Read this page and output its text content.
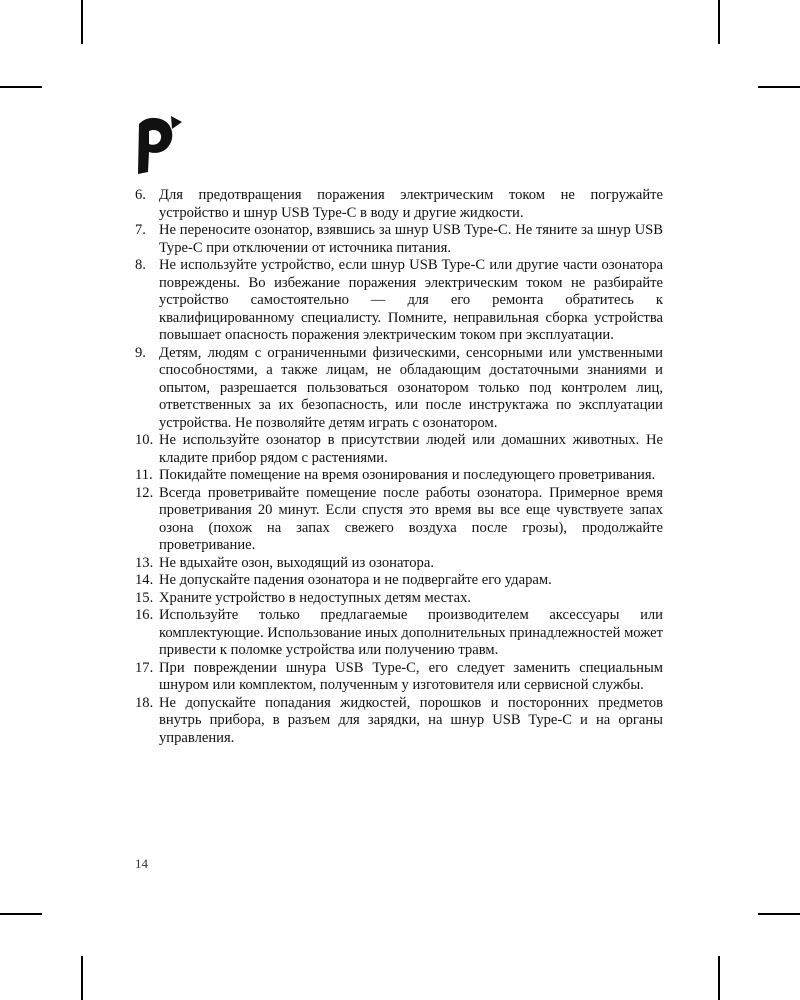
6. Для предотвращения поражения электрическим током не погружайте устройство и шнур USB Type-C в воду и другие жидкости.
7. Не переносите озонатор, взявшись за шнур USB Type-C. Не тяните за шнур USB Type-C при отключении от источника питания.
8. Не используйте устройство, если шнур USB Type-C или другие части озонатора повреждены. Во избежание поражения электрическим током не разбирайте устройство самостоятельно — для его ремонта обратитесь к квалифицированному специалисту. Помните, неправильная сборка устройства повышает опасность поражения электрическим током при эксплуатации.
9. Детям, людям с ограниченными физическими, сенсорными или умственными способностями, а также лицам, не обладающим достаточными знаниями и опытом, разрешается пользоваться озонатором только под контролем лиц, ответственных за их безопасность, или после инструктажа по эксплуатации устройства. Не позволяйте детям играть с озонатором.
10. Не используйте озонатор в присутствии людей или домашних животных. Не кладите прибор рядом с растениями.
11. Покидайте помещение на время озонирования и последующего проветривания.
12. Всегда проветривайте помещение после работы озонатора. Примерное время проветривания 20 минут. Если спустя это время вы все еще чувствуете запах озона (похож на запах свежего воздуха после грозы), продолжайте проветривание.
13. Не вдыхайте озон, выходящий из озонатора.
14. Не допускайте падения озонатора и не подвергайте его ударам.
15. Храните устройство в недоступных детям местах.
16. Используйте только предлагаемые производителем аксессуары или комплектующие. Использование иных дополнительных принадлежностей может привести к поломке устройства или получению травм.
17. При повреждении шнура USB Type-C, его следует заменить специальным шнуром или комплектом, полученным у изготовителя или сервисной службы.
18. Не допускайте попадания жидкостей, порошков и посторонних предметов внутрь прибора, в разъем для зарядки, на шнур USB Type-C и на органы управления.
14
